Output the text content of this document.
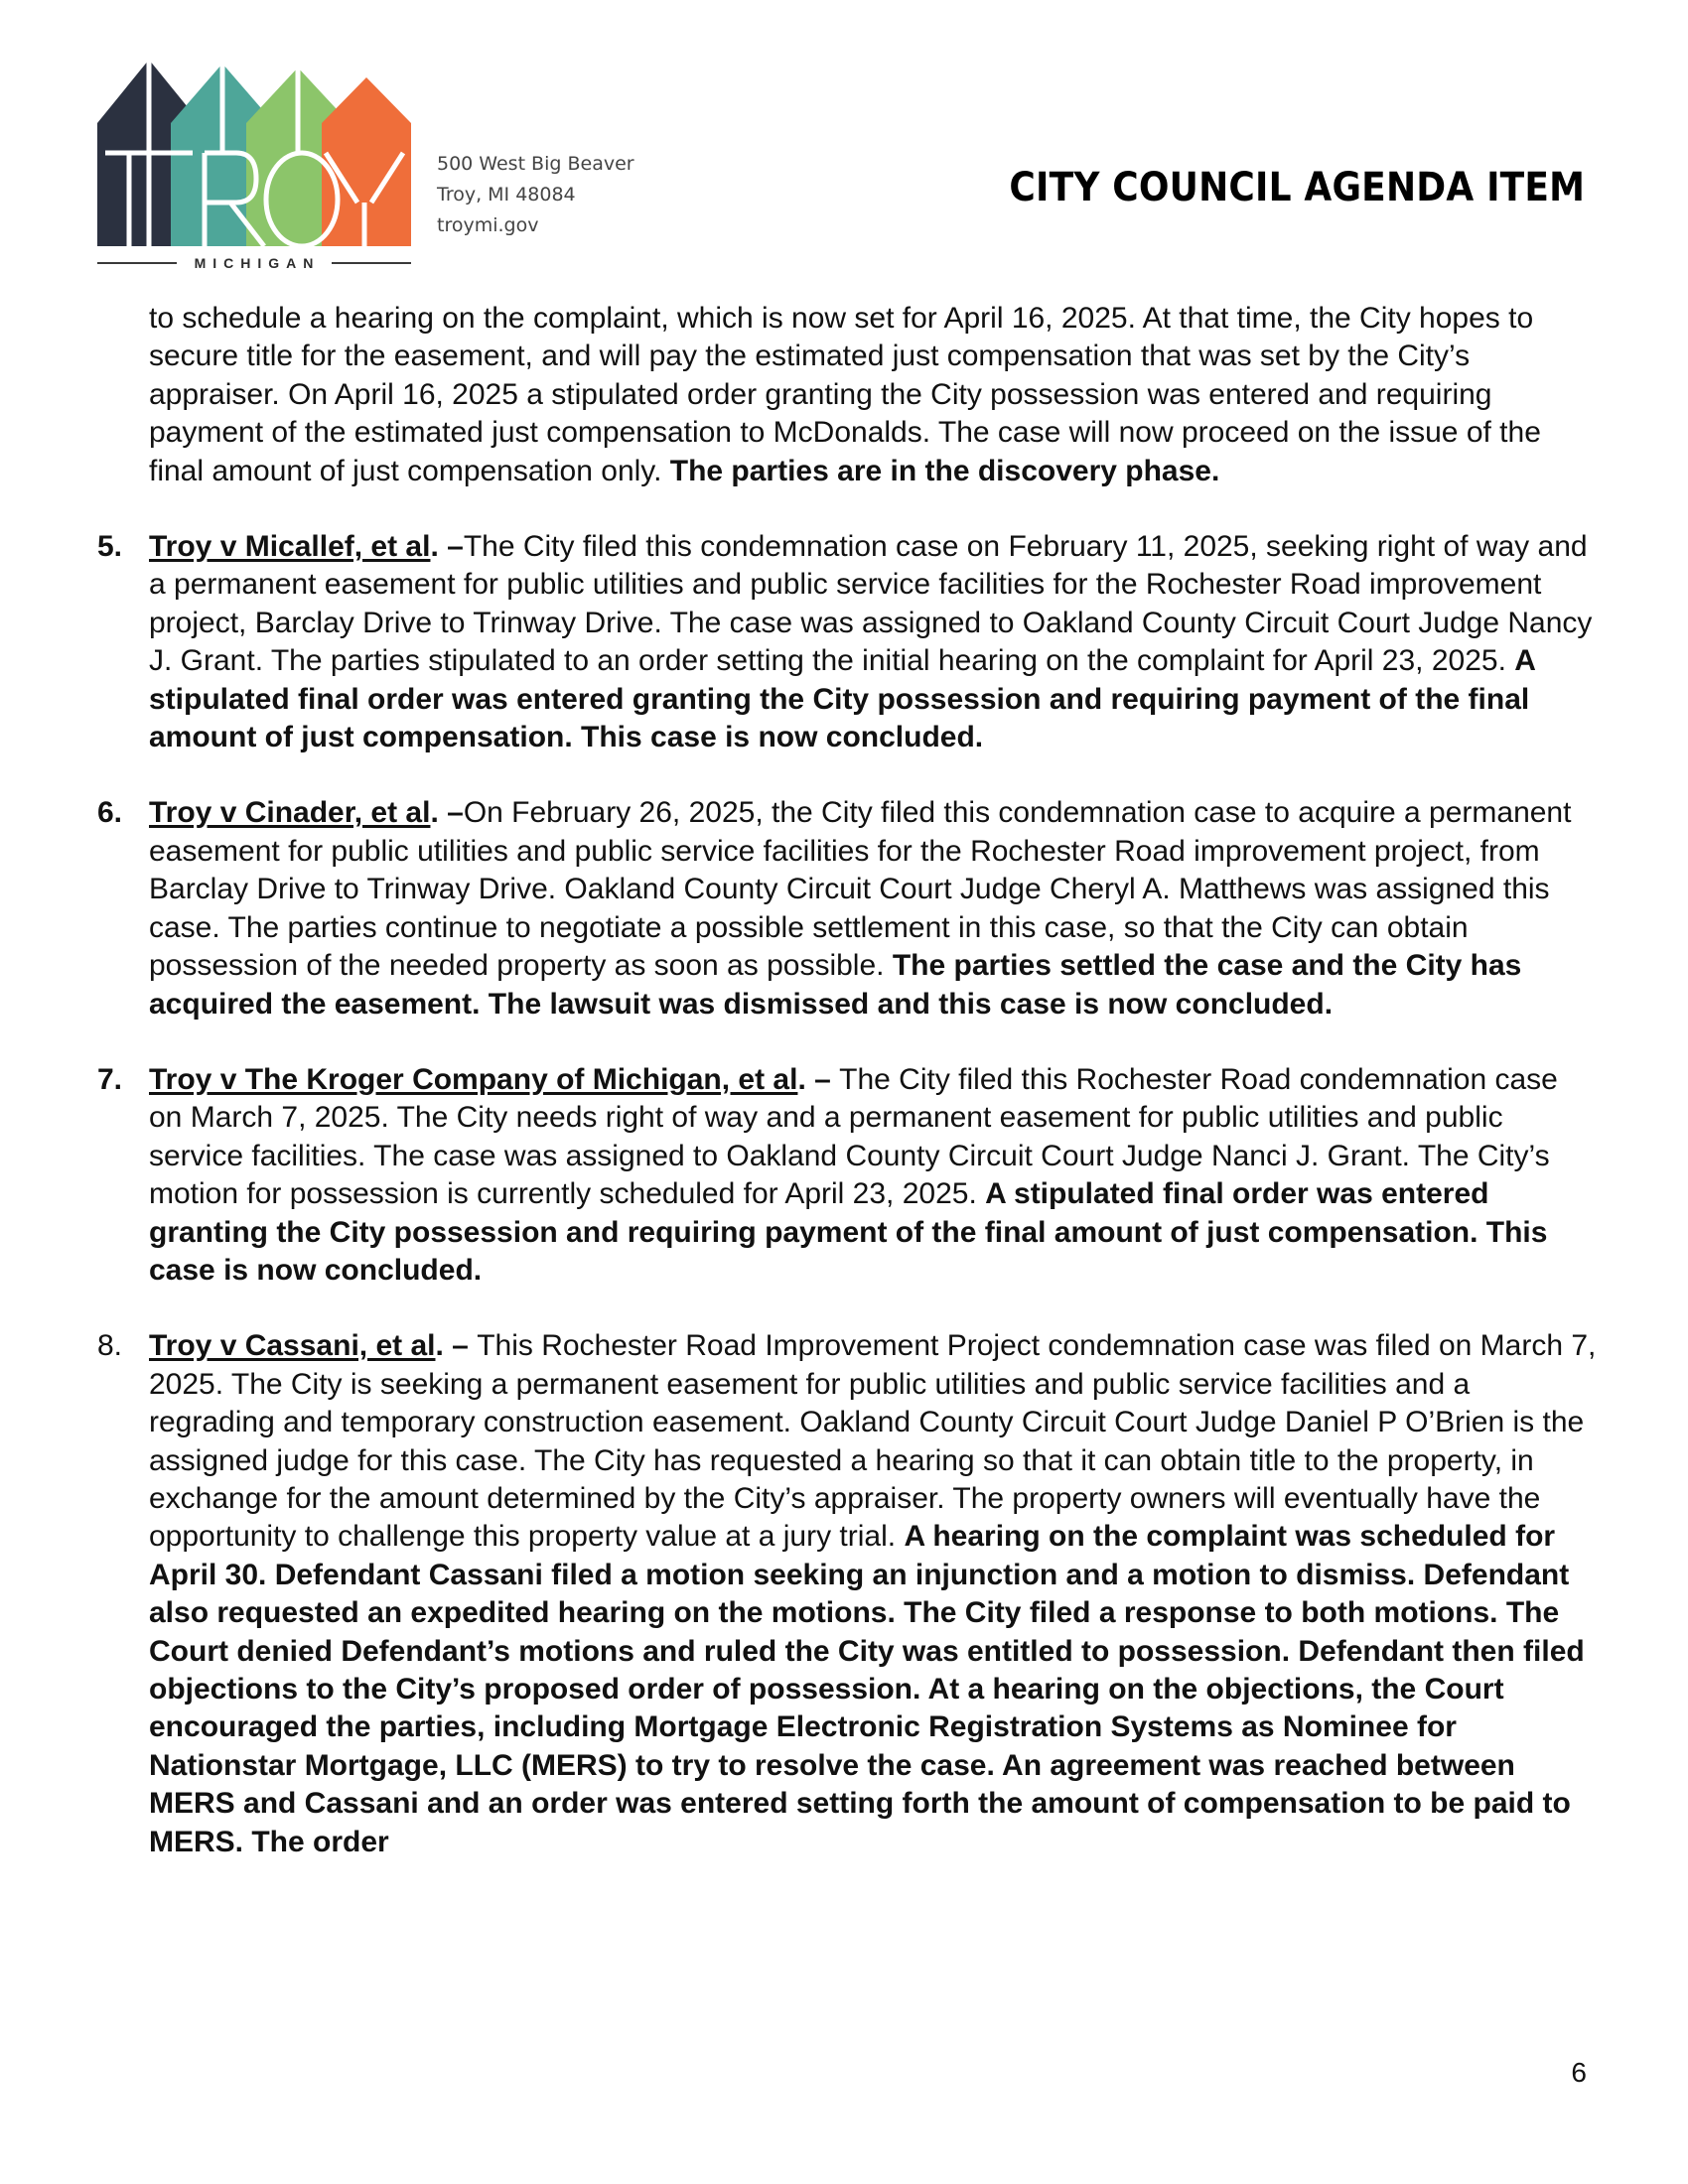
TROY
MICHIGAN
500 West Big Beaver
Troy, MI 48084
troymi.gov
CITY COUNCIL AGENDA ITEM
to schedule a hearing on the complaint, which is now set for April 16, 2025. At that time, the City hopes to secure title for the easement, and will pay the estimated just compensation that was set by the City’s appraiser. On April 16, 2025 a stipulated order granting the City possession was entered and requiring payment of the estimated just compensation to McDonalds. The case will now proceed on the issue of the final amount of just compensation only. The parties are in the discovery phase.
5. Troy v Micallef, et al. –The City filed this condemnation case on February 11, 2025, seeking right of way and a permanent easement for public utilities and public service facilities for the Rochester Road improvement project, Barclay Drive to Trinway Drive. The case was assigned to Oakland County Circuit Court Judge Nancy J. Grant. The parties stipulated to an order setting the initial hearing on the complaint for April 23, 2025. A stipulated final order was entered granting the City possession and requiring payment of the final amount of just compensation. This case is now concluded.
6. Troy v Cinader, et al. –On February 26, 2025, the City filed this condemnation case to acquire a permanent easement for public utilities and public service facilities for the Rochester Road improvement project, from Barclay Drive to Trinway Drive. Oakland County Circuit Court Judge Cheryl A. Matthews was assigned this case. The parties continue to negotiate a possible settlement in this case, so that the City can obtain possession of the needed property as soon as possible. The parties settled the case and the City has acquired the easement. The lawsuit was dismissed and this case is now concluded.
7. Troy v The Kroger Company of Michigan, et al. – The City filed this Rochester Road condemnation case on March 7, 2025. The City needs right of way and a permanent easement for public utilities and public service facilities. The case was assigned to Oakland County Circuit Court Judge Nanci J. Grant. The City’s motion for possession is currently scheduled for April 23, 2025. A stipulated final order was entered granting the City possession and requiring payment of the final amount of just compensation. This case is now concluded.
8. Troy v Cassani, et al. – This Rochester Road Improvement Project condemnation case was filed on March 7, 2025. The City is seeking a permanent easement for public utilities and public service facilities and a regrading and temporary construction easement. Oakland County Circuit Court Judge Daniel P O’Brien is the assigned judge for this case. The City has requested a hearing so that it can obtain title to the property, in exchange for the amount determined by the City’s appraiser. The property owners will eventually have the opportunity to challenge this property value at a jury trial. A hearing on the complaint was scheduled for April 30. Defendant Cassani filed a motion seeking an injunction and a motion to dismiss. Defendant also requested an expedited hearing on the motions. The City filed a response to both motions. The Court denied Defendant’s motions and ruled the City was entitled to possession. Defendant then filed objections to the City’s proposed order of possession. At a hearing on the objections, the Court encouraged the parties, including Mortgage Electronic Registration Systems as Nominee for Nationstar Mortgage, LLC (MERS) to try to resolve the case. An agreement was reached between MERS and Cassani and an order was entered setting forth the amount of compensation to be paid to MERS. The order
6
